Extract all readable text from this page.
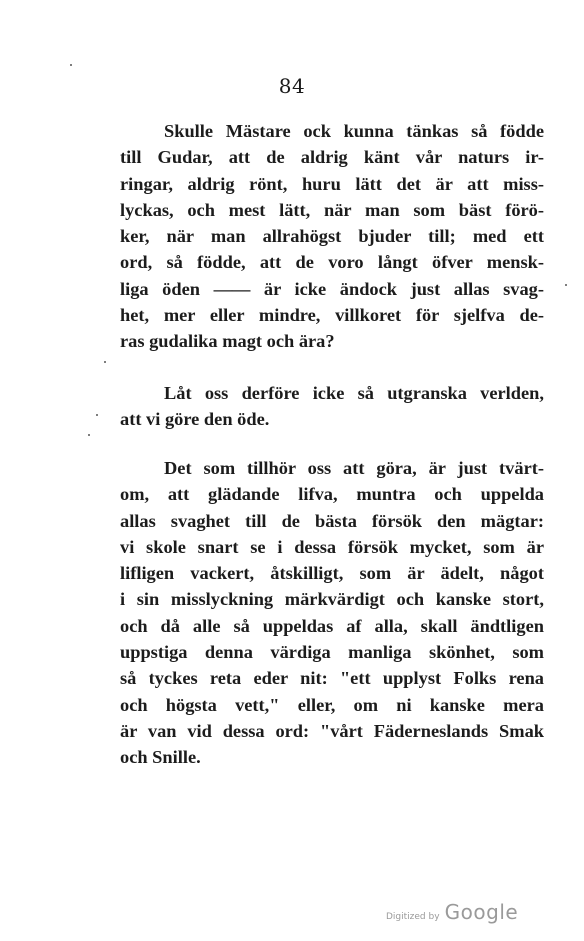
84
Skulle Mästare ock kunna tänkas så födde
till Gudar, att de aldrig känt vår naturs ir-
ringar, aldrig rönt, huru lätt det är att miss-
lyckas, och mest lätt, när man som bäst förö-
ker, när man allrahögst bjuder till; med ett
ord, så födde, att de voro långt öfver mensk-
liga öden —— är icke ändock just allas svag-
het, mer eller mindre, villkoret för sjelfva de-
ras gudalika magt och ära?
Låt oss derföre icke så utgranska verlden,
att vi göre den öde.
Det som tillhör oss att göra, är just tvärt-
om, att glädande lifva, muntra och uppelda
allas svaghet till de bästa försök den mägtar:
vi skole snart se i dessa försök mycket, som är
lifligen vackert, åtskilligt, som är ädelt, något
i sin misslyckning märkvärdigt och kanske stort,
och då alle så uppeldas af alla, skall ändtligen
uppstiga denna värdiga manliga skönhet, som
så tyckes reta eder nit: "ett upplyst Folks rena
och högsta vett," eller, om ni kanske mera
är van vid dessa ord: "vårt Fäderneslands Smak
och Snille.
Digitized by Google
